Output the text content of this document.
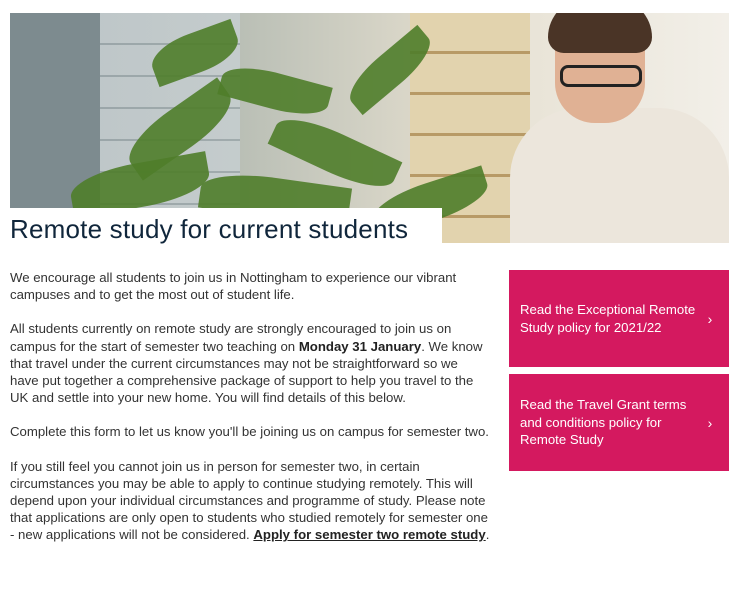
Remote study for current students

We encourage all students to join us in Nottingham to experience our vibrant campuses and to get the most out of student life.

All students currently on remote study are strongly encouraged to join us on campus for the start of semester two teaching on Monday 31 January. We know that travel under the current circumstances may not be straightforward so we have put together a comprehensive package of support to help you travel to the UK and settle into your new home. You will find details of this below.

Complete this form to let us know you'll be joining us on campus for semester two.

If you still feel you cannot join us in person for semester two, in certain circumstances you may be able to apply to continue studying remotely. This will depend upon your individual circumstances and programme of study. Please note that applications are only open to students who studied remotely for semester one - new applications will not be considered. Apply for semester two remote study.

Read the Exceptional Remote Study policy for 2021/22
›
Read the Travel Grant terms and conditions policy for Remote Study
›
